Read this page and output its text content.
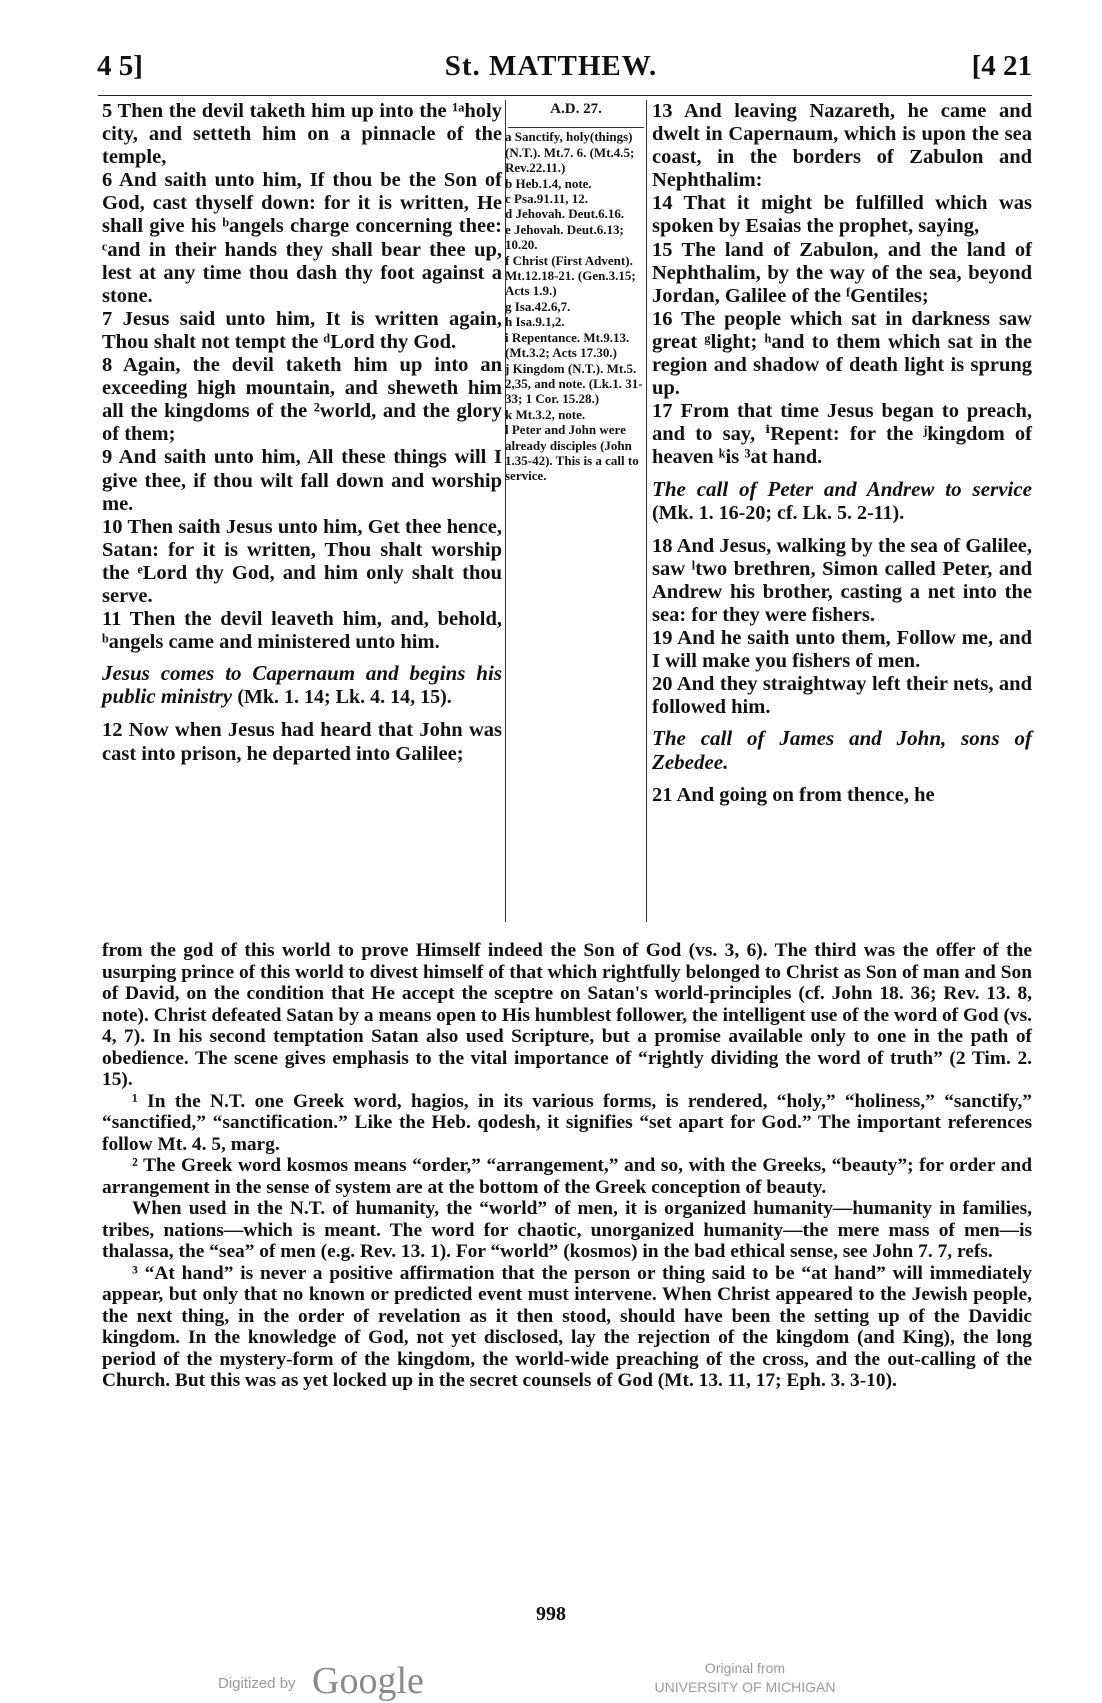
4 5]	St. MATTHEW.	[4 21

5 Then the devil taketh him up into the ¹ᵃholy city, and setteth him on a pinnacle of the temple,

6 And saith unto him, If thou be the Son of God, cast thyself down: for it is written, He shall give his ᵇangels charge concerning thee: ᶜand in their hands they shall bear thee up, lest at any time thou dash thy foot against a stone.

7 Jesus said unto him, It is written again, Thou shalt not tempt the ᵈLord thy God.

8 Again, the devil taketh him up into an exceeding high mountain, and sheweth him all the kingdoms of the ²world, and the glory of them;

9 And saith unto him, All these things will I give thee, if thou wilt fall down and worship me.

10 Then saith Jesus unto him, Get thee hence, Satan: for it is written, Thou shalt worship the ᵉLord thy God, and him only shalt thou serve.

11 Then the devil leaveth him, and, behold, ᵇangels came and ministered unto him.

Jesus comes to Capernaum and begins his public ministry (Mk. 1. 14; Lk. 4. 14, 15).

12 Now when Jesus had heard that John was cast into prison, he departed into Galilee;

A.D. 27.
a Sanctify, holy(things) (N.T.). Mt.7. 6. (Mt.4.5; Rev.22.11.)
b Heb.1.4, note.
c Psa.91.11, 12.
d Jehovah. Deut.6.16.
e Jehovah. Deut.6.13; 10.20.
f Christ (First Advent). Mt.12.18-21. (Gen.3.15; Acts 1.9.)
g Isa.42.6,7.
h Isa.9.1,2.
i Repentance. Mt.9.13. (Mt.3.2; Acts 17.30.)
j Kingdom (N.T.). Mt.5. 2,35, and note. (Lk.1. 31-33; 1 Cor. 15.28.)
k Mt.3.2, note.
l Peter and John were already disciples (John 1.35-42). This is a call to service.

13 And leaving Nazareth, he came and dwelt in Capernaum, which is upon the sea coast, in the borders of Zabulon and Nephthalim:

14 That it might be fulfilled which was spoken by Esaias the prophet, saying,

15 The land of Zabulon, and the land of Nephthalim, by the way of the sea, beyond Jordan, Galilee of the ᶠGentiles;

16 The people which sat in darkness saw great ᵍlight; ʰand to them which sat in the region and shadow of death light is sprung up.

17 From that time Jesus began to preach, and to say, ⁱRepent: for the ʲkingdom of heaven ᵏis ³at hand.

The call of Peter and Andrew to service (Mk. 1. 16-20; cf. Lk. 5. 2-11).

18 And Jesus, walking by the sea of Galilee, saw ˡtwo brethren, Simon called Peter, and Andrew his brother, casting a net into the sea: for they were fishers.

19 And he saith unto them, Follow me, and I will make you fishers of men.

20 And they straightway left their nets, and followed him.

The call of James and John, sons of Zebedee.

21 And going on from thence, he

from the god of this world to prove Himself indeed the Son of God (vs. 3, 6). The third was the offer of the usurping prince of this world to divest himself of that which rightfully belonged to Christ as Son of man and Son of David, on the condition that He accept the sceptre on Satan's world-principles (cf. John 18. 36; Rev. 13. 8, note). Christ defeated Satan by a means open to His humblest follower, the intelligent use of the word of God (vs. 4, 7). In his second temptation Satan also used Scripture, but a promise available only to one in the path of obedience. The scene gives emphasis to the vital importance of “rightly dividing the word of truth” (2 Tim. 2. 15).

¹ In the N.T. one Greek word, hagios, in its various forms, is rendered, “holy,” “holiness,” “sanctify,” “sanctified,” “sanctification.” Like the Heb. qodesh, it signifies “set apart for God.” The important references follow Mt. 4. 5, marg.

² The Greek word kosmos means “order,” “arrangement,” and so, with the Greeks, “beauty”; for order and arrangement in the sense of system are at the bottom of the Greek conception of beauty.

When used in the N.T. of humanity, the “world” of men, it is organized humanity—humanity in families, tribes, nations—which is meant. The word for chaotic, unorganized humanity—the mere mass of men—is thalassa, the “sea” of men (e.g. Rev. 13. 1). For “world” (kosmos) in the bad ethical sense, see John 7. 7, refs.

³ “At hand” is never a positive affirmation that the person or thing said to be “at hand” will immediately appear, but only that no known or predicted event must intervene. When Christ appeared to the Jewish people, the next thing, in the order of revelation as it then stood, should have been the setting up of the Davidic kingdom. In the knowledge of God, not yet disclosed, lay the rejection of the kingdom (and King), the long period of the mystery-form of the kingdom, the world-wide preaching of the cross, and the out-calling of the Church. But this was as yet locked up in the secret counsels of God (Mt. 13. 11, 17; Eph. 3. 3-10).

998
Digitized by Google	Original from
UNIVERSITY OF MICHIGAN
